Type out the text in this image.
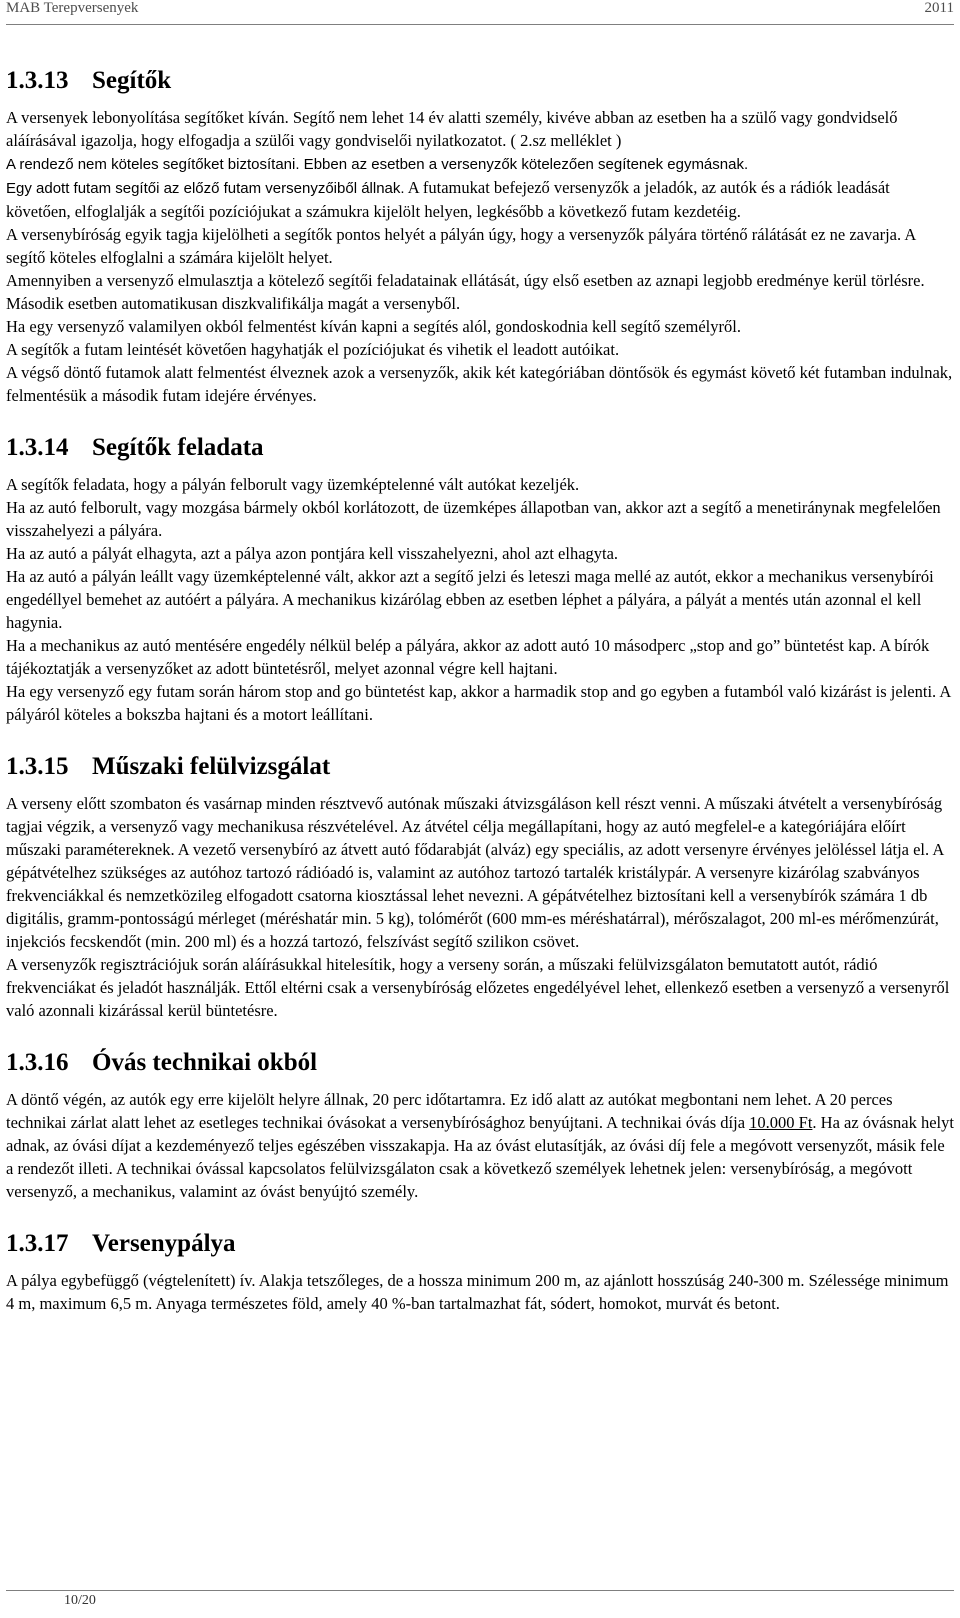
MAB Terepversenyek	2011
1.3.13 Segítők

A versenyek lebonyolítása segítőket kíván. Segítő nem lehet 14 év alatti személy, kivéve abban az esetben ha a szülő vagy gondvidselő aláírásával igazolja, hogy elfogadja a szülői vagy gondviselői nyilatkozatot. ( 2.sz melléklet )

A rendező nem köteles segítőket biztosítani. Ebben az esetben a versenyzők kötelezően segítenek egymásnak.

Egy adott futam segítői az előző futam versenyzőiből állnak. A futamukat befejező versenyzők a jeladók, az autók és a rádiók leadását követően, elfoglalják a segítői pozíciójukat a számukra kijelölt helyen, legkésőbb a következő futam kezdetéig.

A versenybíróság egyik tagja kijelölheti a segítők pontos helyét a pályán úgy, hogy a versenyzők pályára történő rálátását ez ne zavarja. A segítő köteles elfoglalni a számára kijelölt helyet.

Amennyiben a versenyző elmulasztja a kötelező segítői feladatainak ellátását, úgy első esetben az aznapi legjobb eredménye kerül törlésre. Második esetben automatikusan diszkvalifikálja magát a versenyből.

Ha egy versenyző valamilyen okból felmentést kíván kapni a segítés alól, gondoskodnia kell segítő személyről.

A segítők a futam leintését követően hagyhatják el pozíciójukat és vihetik el leadott autóikat.

A végső döntő futamok alatt felmentést élveznek azok a versenyzők, akik két kategóriában döntősök és egymást követő két futamban indulnak, felmentésük a második futam idejére érvényes.

1.3.14 Segítők feladata

A segítők feladata, hogy a pályán felborult vagy üzemképtelenné vált autókat kezeljék.

Ha az autó felborult, vagy mozgása bármely okból korlátozott, de üzemképes állapotban van, akkor azt a segítő a menetiránynak megfelelően visszahelyezi a pályára.

Ha az autó a pályát elhagyta, azt a pálya azon pontjára kell visszahelyezni, ahol azt elhagyta.

Ha az autó a pályán leállt vagy üzemképtelenné vált, akkor azt a segítő jelzi és leteszi maga mellé az autót, ekkor a mechanikus versenybírói engedéllyel bemehet az autóért a pályára. A mechanikus kizárólag ebben az esetben léphet a pályára, a pályát a mentés után azonnal el kell hagynia.

Ha a mechanikus az autó mentésére engedély nélkül belép a pályára, akkor az adott autó 10 másodperc „stop and go” büntetést kap. A bírók tájékoztatják a versenyzőket az adott büntetésről, melyet azonnal végre kell hajtani.

Ha egy versenyző egy futam során három stop and go büntetést kap, akkor a harmadik stop and go egyben a futamból való kizárást is jelenti. A pályáról köteles a bokszba hajtani és a motort leállítani.

1.3.15 Műszaki felülvizsgálat

A verseny előtt szombaton és vasárnap minden résztvevő autónak műszaki átvizsgáláson kell részt venni. A műszaki átvételt a versenybíróság tagjai végzik, a versenyző vagy mechanikusa részvételével. Az átvétel célja megállapítani, hogy az autó megfelel-e a kategóriájára előírt műszaki paramétereknek. A vezető versenybíró az átvett autó fődarabját (alváz) egy speciális, az adott versenyre érvényes jelöléssel látja el. A gépátvételhez szükséges az autóhoz tartozó rádióadó is, valamint az autóhoz tartozó tartalék kristálypár. A versenyre kizárólag szabványos frekvenciákkal és nemzetközileg elfogadott csatorna kiosztással lehet nevezni. A gépátvételhez biztosítani kell a versenybírók számára 1 db digitális, gramm-pontosságú mérleget (méréshatár min. 5 kg), tolómérőt (600 mm-es méréshatárral), mérőszalagot, 200 ml-es mérőmenzúrát, injekciós fecskendőt (min. 200 ml) és a hozzá tartozó, felszívást segítő szilikon csövet.

A versenyzők regisztrációjuk során aláírásukkal hitelesítik, hogy a verseny során, a műszaki felülvizsgálaton bemutatott autót, rádió frekvenciákat és jeladót használják. Ettől eltérni csak a versenybíróság előzetes engedélyével lehet, ellenkező esetben a versenyző a versenyről való azonnali kizárással kerül büntetésre.

1.3.16 Óvás technikai okból

A döntő végén, az autók egy erre kijelölt helyre állnak, 20 perc időtartamra. Ez idő alatt az autókat megbontani nem lehet. A 20 perces technikai zárlat alatt lehet az esetleges technikai óvásokat a versenybírósághoz benyújtani. A technikai óvás díja 10.000 Ft. Ha az óvásnak helyt adnak, az óvási díjat a kezdeményező teljes egészében visszakapja. Ha az óvást elutasítják, az óvási díj fele a megóvott versenyzőt, másik fele a rendezőt illeti. A technikai óvással kapcsolatos felülvizsgálaton csak a következő személyek lehetnek jelen: versenybíróság, a megóvott versenyző, a mechanikus, valamint az óvást benyújtó személy.

1.3.17 Versenypálya

A pálya egybefüggő (végtelenített) ív. Alakja tetszőleges, de a hossza minimum 200 m, az ajánlott hosszúság 240-300 m. Szélessége minimum 4 m, maximum 6,5 m. Anyaga természetes föld, amely 40 %-ban tartalmazhat fát, sódert, homokot, murvát és betont.

10/20
